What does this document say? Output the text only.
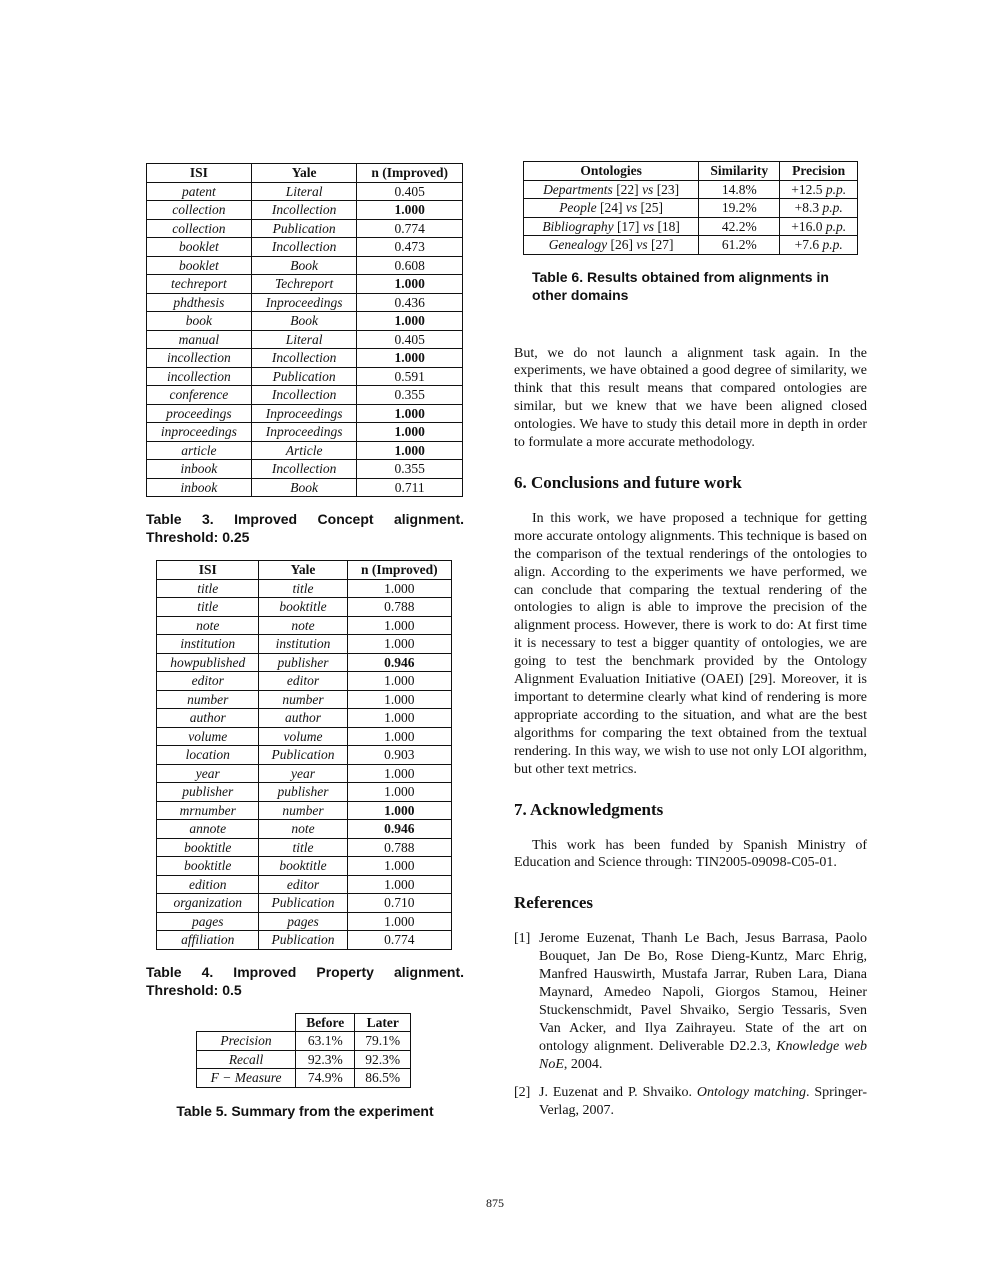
ISI	Yale	n (Improved)
patent	Literal	0.405
collection	Incollection	1.000
collection	Publication	0.774
booklet	Incollection	0.473
booklet	Book	0.608
techreport	Techreport	1.000
phdthesis	Inproceedings	0.436
book	Book	1.000
manual	Literal	0.405
incollection	Incollection	1.000
incollection	Publication	0.591
conference	Incollection	0.355
proceedings	Inproceedings	1.000
inproceedings	Inproceedings	1.000
article	Article	1.000
inbook	Incollection	0.355
inbook	Book	0.711
Table 3. Improved Concept alignment. Threshold: 0.25
ISI	Yale	n (Improved)
title	title	1.000
title	booktitle	0.788
note	note	1.000
institution	institution	1.000
howpublished	publisher	0.946
editor	editor	1.000
number	number	1.000
author	author	1.000
volume	volume	1.000
location	Publication	0.903
year	year	1.000
publisher	publisher	1.000
mrnumber	number	1.000
annote	note	0.946
booktitle	title	0.788
booktitle	booktitle	1.000
edition	editor	1.000
organization	Publication	0.710
pages	pages	1.000
affiliation	Publication	0.774
Table 4. Improved Property alignment. Threshold: 0.5
	Before	Later
Precision	63.1%	79.1%
Recall	92.3%	92.3%
F − Measure	74.9%	86.5%
Table 5. Summary from the experiment
Ontologies	Similarity	Precision
Departments [22] vs [23]	14.8%	+12.5 p.p.
People [24] vs [25]	19.2%	+8.3 p.p.
Bibliography [17] vs [18]	42.2%	+16.0 p.p.
Genealogy [26] vs [27]	61.2%	+7.6 p.p.
Table 6. Results obtained from alignments in other domains

But, we do not launch a alignment task again. In the experiments, we have obtained a good degree of similarity, we think that this result means that compared ontologies are similar, but we knew that we have been aligned closed ontologies. We have to study this detail more in depth in order to formulate a more accurate methodology.

6. Conclusions and future work

In this work, we have proposed a technique for getting more accurate ontology alignments. This technique is based on the comparison of the textual renderings of the ontologies to align. According to the experiments we have performed, we can conclude that comparing the textual rendering of the ontologies to align is able to improve the precision of the alignment process. However, there is work to do: At first time it is necessary to test a bigger quantity of ontologies, we are going to test the benchmark provided by the Ontology Alignment Evaluation Initiative (OAEI) [29]. Moreover, it is important to determine clearly what kind of rendering is more appropriate according to the situation, and what are the best algorithms for comparing the text obtained from the textual rendering. In this way, we wish to use not only LOI algorithm, but other text metrics.

7. Acknowledgments

This work has been funded by Spanish Ministry of Education and Science through: TIN2005-09098-C05-01.

References
[1] Jerome Euzenat, Thanh Le Bach, Jesus Barrasa, Paolo Bouquet, Jan De Bo, Rose Dieng-Kuntz, Marc Ehrig, Manfred Hauswirth, Mustafa Jarrar, Ruben Lara, Diana Maynard, Amedeo Napoli, Giorgos Stamou, Heiner Stuckenschmidt, Pavel Shvaiko, Sergio Tessaris, Sven Van Acker, and Ilya Zaihrayeu. State of the art on ontology alignment. Deliverable D2.2.3, Knowledge web NoE, 2004.
[2] J. Euzenat and P. Shvaiko. Ontology matching. Springer-Verlag, 2007.
875
